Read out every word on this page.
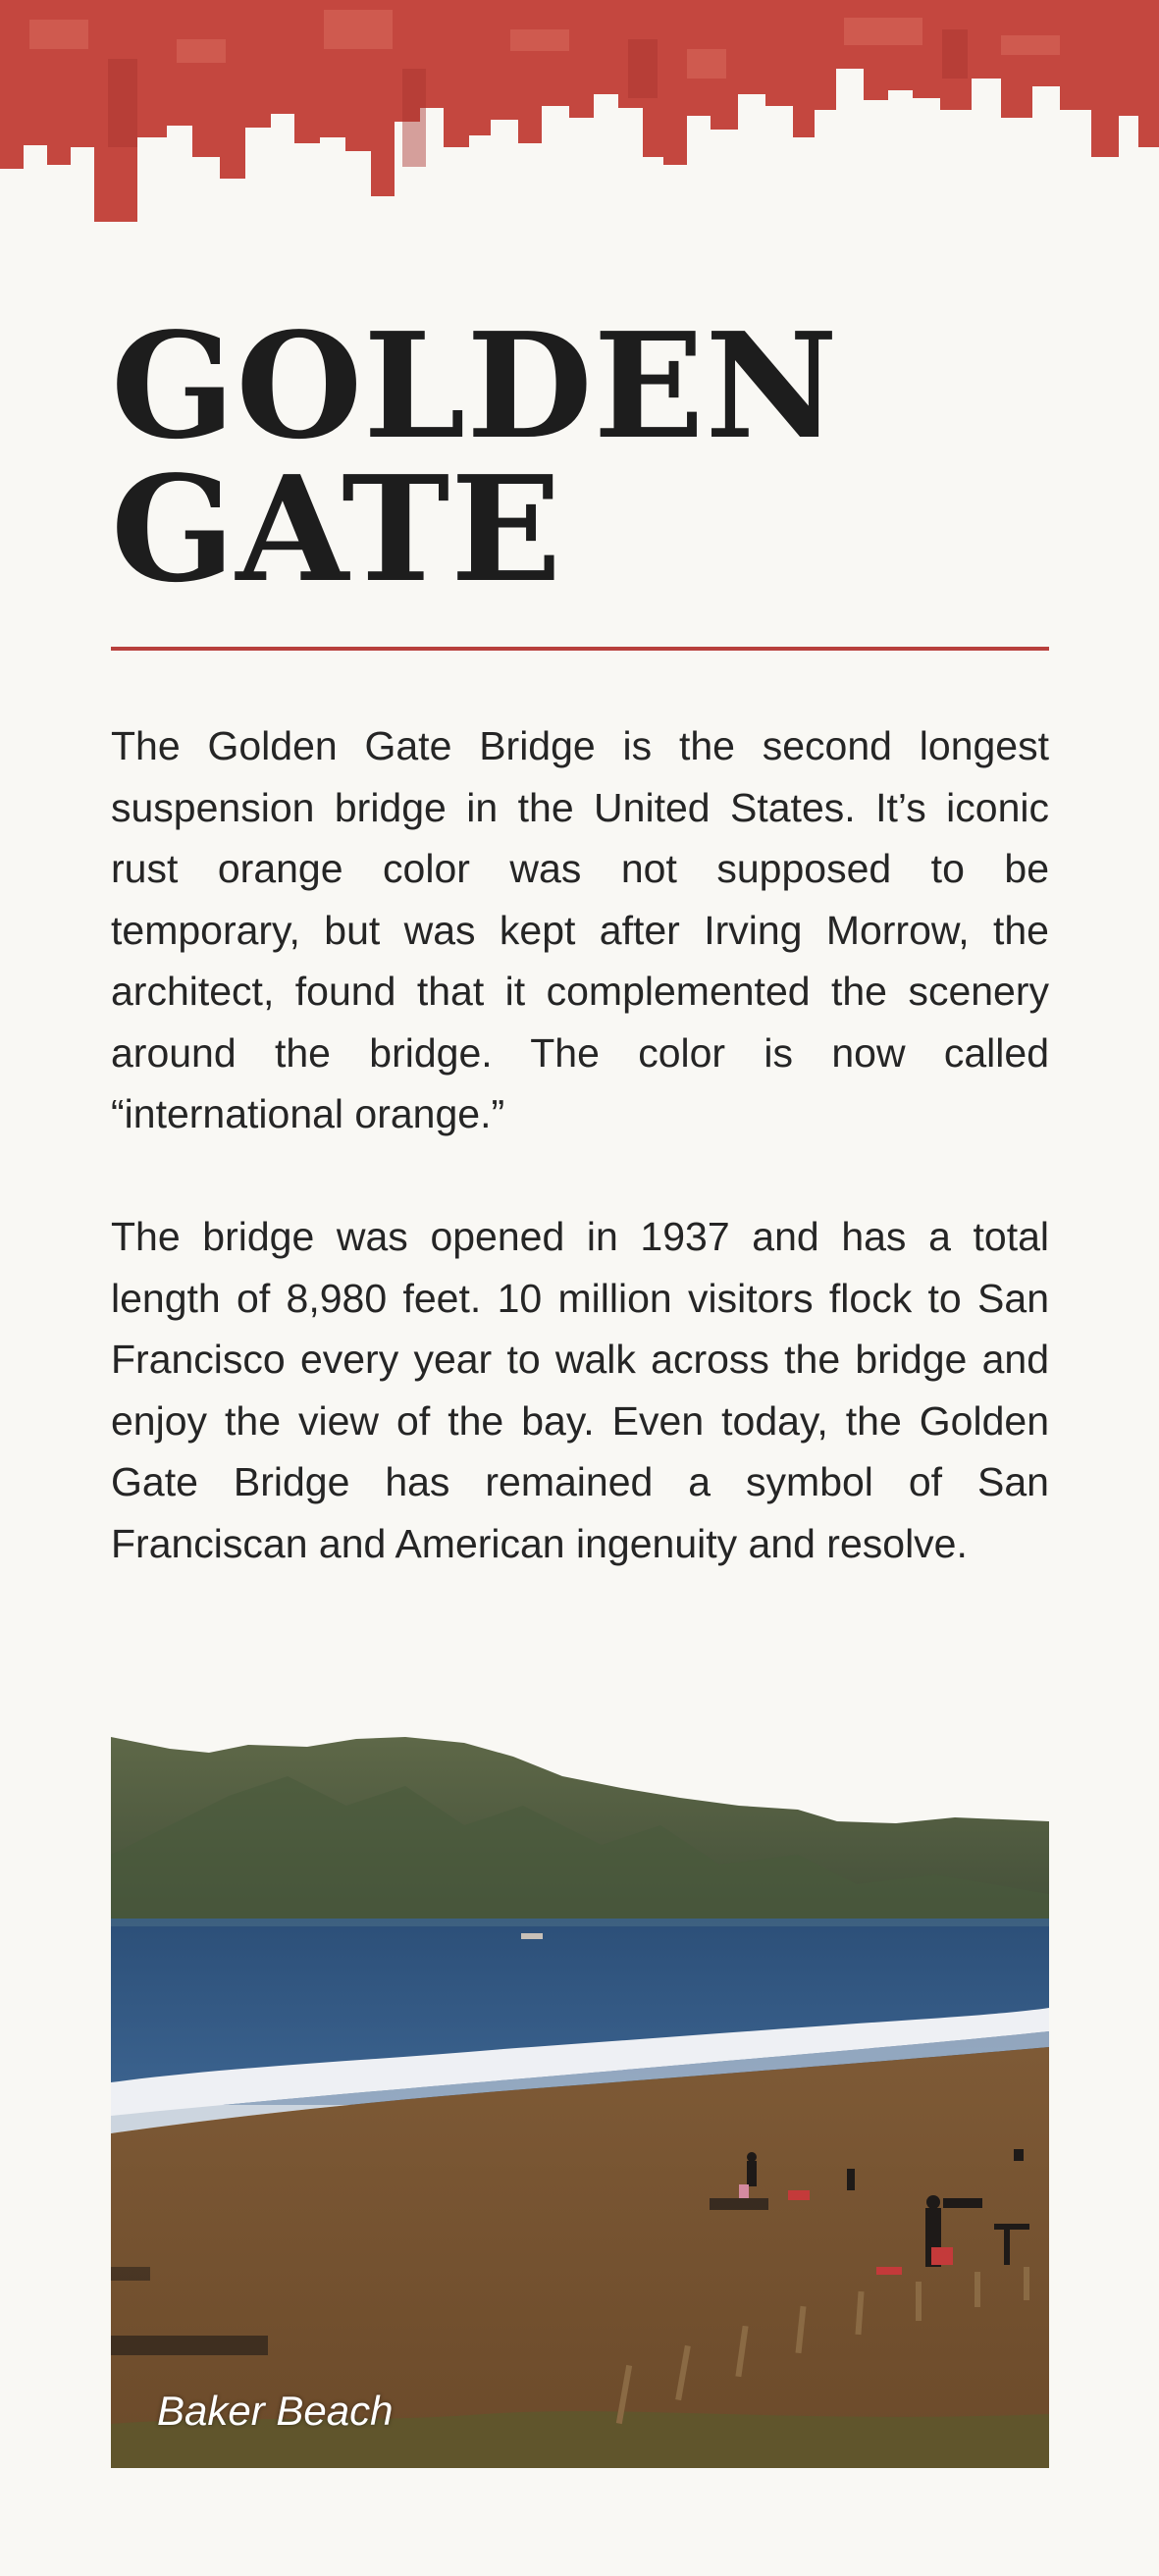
GOLDEN
GATE

The Golden Gate Bridge is the second longest suspension bridge in the United States. It’s iconic rust orange color was not supposed to be temporary, but was kept after Irving Morrow, the architect, found that it complemented the scenery around the bridge. The color is now called “international orange.”

The bridge was opened in 1937 and has a total length of 8,980 feet. 10 million visitors flock to San Francisco every year to walk across the bridge and enjoy the view of the bay. Even today, the Golden Gate Bridge has remained a symbol of San Franciscan and American ingenuity and resolve.

Baker Beach
